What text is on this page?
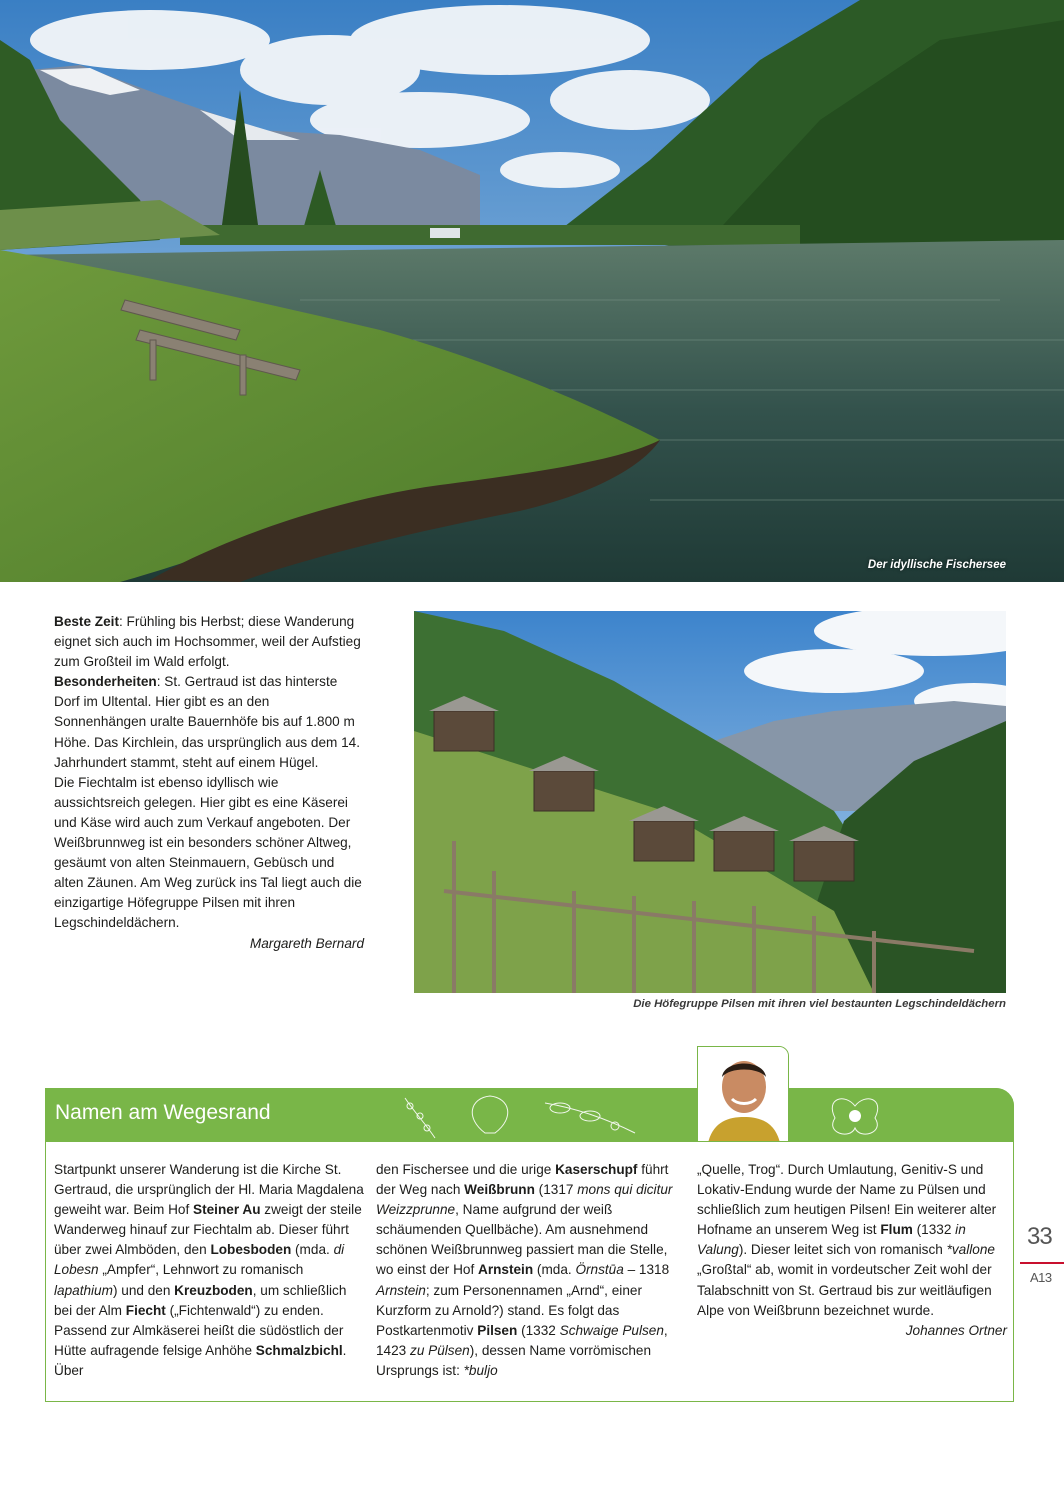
Der idyllische Fischersee

Beste Zeit: Frühling bis Herbst; diese Wanderung eignet sich auch im Hochsommer, weil der Aufstieg zum Großteil im Wald erfolgt.

Besonderheiten: St. Gertraud ist das hinterste Dorf im Ultental. Hier gibt es an den Sonnenhängen uralte Bauernhöfe bis auf 1.800 m Höhe. Das Kirchlein, das ursprünglich aus dem 14. Jahrhundert stammt, steht auf einem Hügel.

Die Fiechtalm ist ebenso idyllisch wie aussichtsreich gelegen. Hier gibt es eine Käserei und Käse wird auch zum Verkauf angeboten. Der Weißbrunnweg ist ein besonders schöner Altweg, gesäumt von alten Steinmauern, Gebüsch und alten Zäunen. Am Weg zurück ins Tal liegt auch die einzigartige Höfegruppe Pilsen mit ihren Legschindeldächern.

Margareth Bernard

Die Höfegruppe Pilsen mit ihren viel bestaunten Legschindeldächern
Namen am Wegesrand

Startpunkt unserer Wanderung ist die Kirche St. Gertraud, die ursprünglich der Hl. Maria Magdalena geweiht war. Beim Hof Steiner Au zweigt der steile Wanderweg hinauf zur Fiechtalm ab. Dieser führt über zwei Almböden, den Lobesboden (mda. di Lobesn „Ampfer“, Lehnwort zu romanisch lapathium) und den Kreuzboden, um schließlich bei der Alm Fiecht („Fichtenwald“) zu enden. Passend zur Almkäserei heißt die südöstlich der Hütte aufragende felsige Anhöhe Schmalzbichl. Über

den Fischersee und die urige Kaserschupf führt der Weg nach Weißbrunn (1317 mons qui dicitur Weizzprunne, Name aufgrund der weiß schäumenden Quellbäche). Am ausnehmend schönen Weißbrunnweg passiert man die Stelle, wo einst der Hof Arnstein (mda. Örnstūa – 1318 Arnstein; zum Personennamen „Arnd“, einer Kurzform zu Arnold?) stand. Es folgt das Postkartenmotiv Pilsen (1332 Schwaige Pulsen, 1423 zu Pülsen), dessen Name vorrömischen Ursprungs ist: *buljo

„Quelle, Trog“. Durch Umlautung, Genitiv-S und Lokativ-Endung wurde der Name zu Pülsen und schließlich zum heutigen Pilsen! Ein weiterer alter Hofname an unserem Weg ist Flum (1332 in Valung). Dieser leitet sich von romanisch *vallone „Großtal“ ab, womit in vordeutscher Zeit wohl der Talabschnitt von St. Gertraud bis zur weitläufigen Alpe von Weißbrunn bezeichnet wurde.

Johannes Ortner

33
A13
